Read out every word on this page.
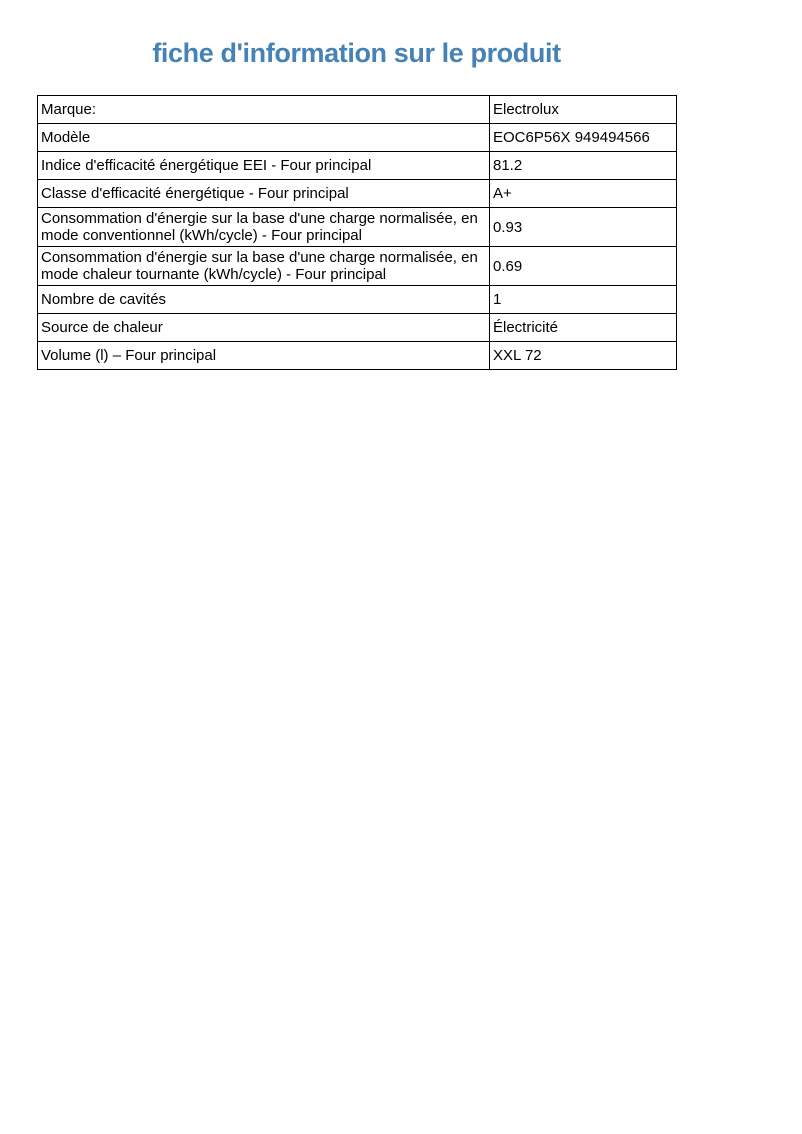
fiche d'information sur le produit
Marque:	Electrolux
Modèle	EOC6P56X 949494566
Indice d'efficacité énergétique EEI - Four principal	81.2
Classe d'efficacité énergétique - Four principal	A+
Consommation d'énergie sur la base d'une charge normalisée, en mode conventionnel (kWh/cycle) - Four principal	0.93
Consommation d'énergie sur la base d'une charge normalisée, en mode chaleur tournante (kWh/cycle) - Four principal	0.69
Nombre de cavités	1
Source de chaleur	Électricité
Volume (l) – Four principal	XXL 72
